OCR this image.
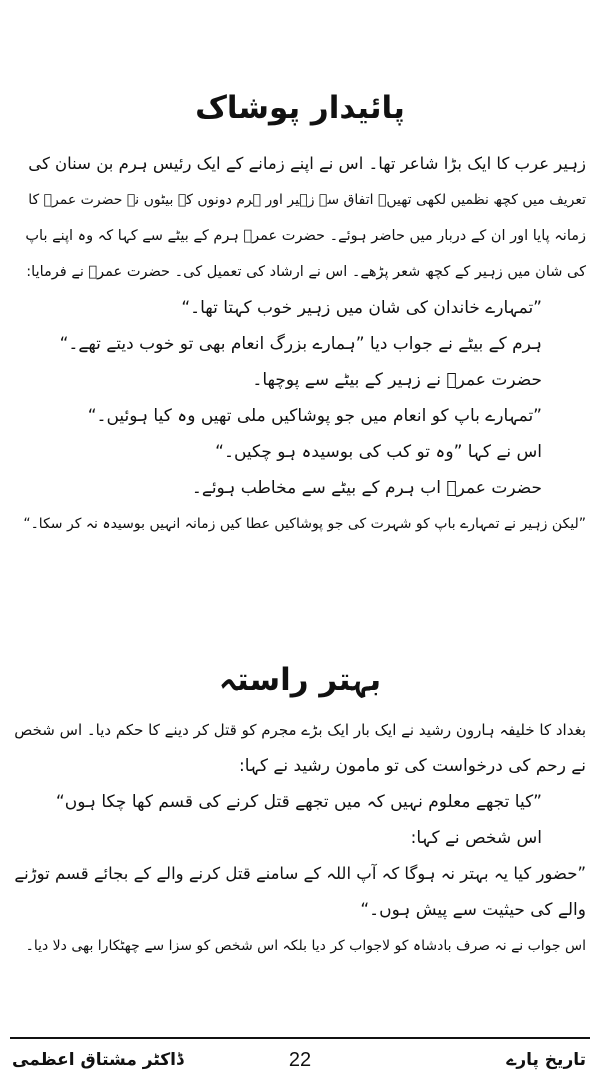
پائیدار پوشاک
زہیر عرب کا ایک بڑا شاعر تھا۔ اس نے اپنے زمانے کے ایک رئیس ہرم بن سنان کی
تعریف میں کچھ نظمیں لکھی تھیں۔ اتفاق سے زہیر اور ہرم دونوں کے بیٹوں نے حضرت عمرؓ کا
زمانہ پایا اور ان کے دربار میں حاضر ہوئے۔ حضرت عمرؓ ہرم کے بیٹے سے کہا کہ وہ اپنے باپ
کی شان میں زہیر کے کچھ شعر پڑھے۔ اس نے ارشاد کی تعمیل کی۔ حضرت عمرؓ نے فرمایا:
”تمہارے خاندان کی شان میں زہیر خوب کہتا تھا۔“
ہرم کے بیٹے نے جواب دیا ”ہمارے بزرگ انعام بھی تو خوب دیتے تھے۔“
حضرت عمرؓ نے زہیر کے بیٹے سے پوچھا۔
”تمہارے باپ کو انعام میں جو پوشاکیں ملی تھیں وہ کیا ہوئیں۔“
اس نے کہا ”وہ تو کب کی بوسیدہ ہو چکیں۔“
حضرت عمرؓ اب ہرم کے بیٹے سے مخاطب ہوئے۔
”لیکن زہیر نے تمہارے باپ کو شہرت کی جو پوشاکیں عطا کیں زمانہ انہیں بوسیدہ نہ کر سکا۔“
بہتر راستہ
بغداد کا خلیفہ ہارون رشید نے ایک بار ایک بڑے مجرم کو قتل کر دینے کا حکم دیا۔ اس شخص
نے رحم کی درخواست کی تو مامون رشید نے کہا:
”کیا تجھے معلوم نہیں کہ میں تجھے قتل کرنے کی قسم کھا چکا ہوں“
اس شخص نے کہا:
”حضور کیا یہ بہتر نہ ہوگا کہ آپ اللہ کے سامنے قتل کرنے والے کے بجائے قسم توڑنے
والے کی حیثیت سے پیش ہوں۔“
اس جواب نے نہ صرف بادشاہ کو لاجواب کر دیا بلکہ اس شخص کو سزا سے چھٹکارا بھی دلا دیا۔
تاریخ پارے
22
ڈاکٹر مشتاق اعظمی
